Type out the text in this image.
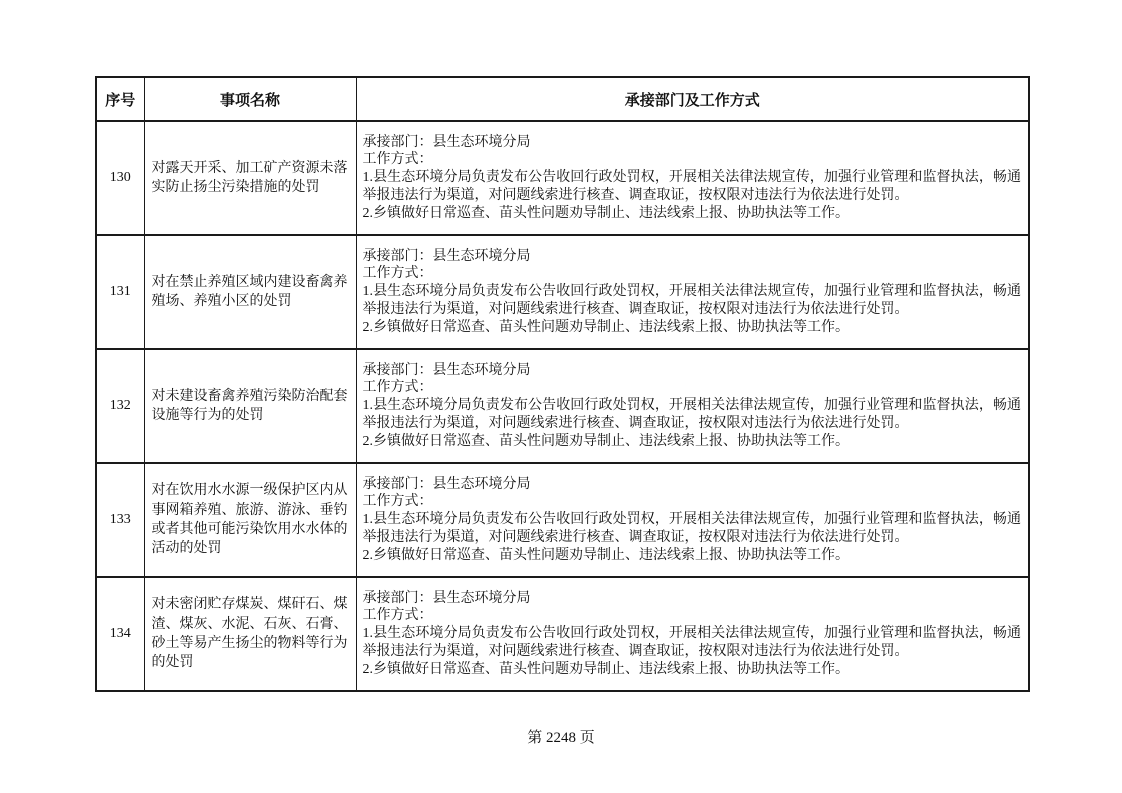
序号	事项名称	承接部门及工作方式
130	对露天开采、加工矿产资源未落实防止扬尘污染措施的处罚	承接部门：县生态环境分局

工作方式：

1.县生态环境分局负责发布公告收回行政处罚权，开展相关法律法规宣传，加强行业管理和监督执法，畅通举报违法行为渠道，对问题线索进行核查、调查取证，按权限对违法行为依法进行处罚。

2.乡镇做好日常巡查、苗头性问题劝导制止、违法线索上报、协助执法等工作。

131	对在禁止养殖区域内建设畜禽养殖场、养殖小区的处罚	承接部门：县生态环境分局

工作方式：

1.县生态环境分局负责发布公告收回行政处罚权，开展相关法律法规宣传，加强行业管理和监督执法，畅通举报违法行为渠道，对问题线索进行核查、调查取证，按权限对违法行为依法进行处罚。

2.乡镇做好日常巡查、苗头性问题劝导制止、违法线索上报、协助执法等工作。

132	对未建设畜禽养殖污染防治配套设施等行为的处罚	承接部门：县生态环境分局

工作方式：

1.县生态环境分局负责发布公告收回行政处罚权，开展相关法律法规宣传，加强行业管理和监督执法，畅通举报违法行为渠道，对问题线索进行核查、调查取证，按权限对违法行为依法进行处罚。

2.乡镇做好日常巡查、苗头性问题劝导制止、违法线索上报、协助执法等工作。

133	对在饮用水水源一级保护区内从事网箱养殖、旅游、游泳、垂钓或者其他可能污染饮用水水体的活动的处罚	承接部门：县生态环境分局

工作方式：

1.县生态环境分局负责发布公告收回行政处罚权，开展相关法律法规宣传，加强行业管理和监督执法，畅通举报违法行为渠道，对问题线索进行核查、调查取证，按权限对违法行为依法进行处罚。

2.乡镇做好日常巡查、苗头性问题劝导制止、违法线索上报、协助执法等工作。

134	对未密闭贮存煤炭、煤矸石、煤渣、煤灰、水泥、石灰、石膏、砂土等易产生扬尘的物料等行为的处罚	承接部门：县生态环境分局

工作方式：

1.县生态环境分局负责发布公告收回行政处罚权，开展相关法律法规宣传，加强行业管理和监督执法，畅通举报违法行为渠道，对问题线索进行核查、调查取证，按权限对违法行为依法进行处罚。

2.乡镇做好日常巡查、苗头性问题劝导制止、违法线索上报、协助执法等工作。

第 2248 页
